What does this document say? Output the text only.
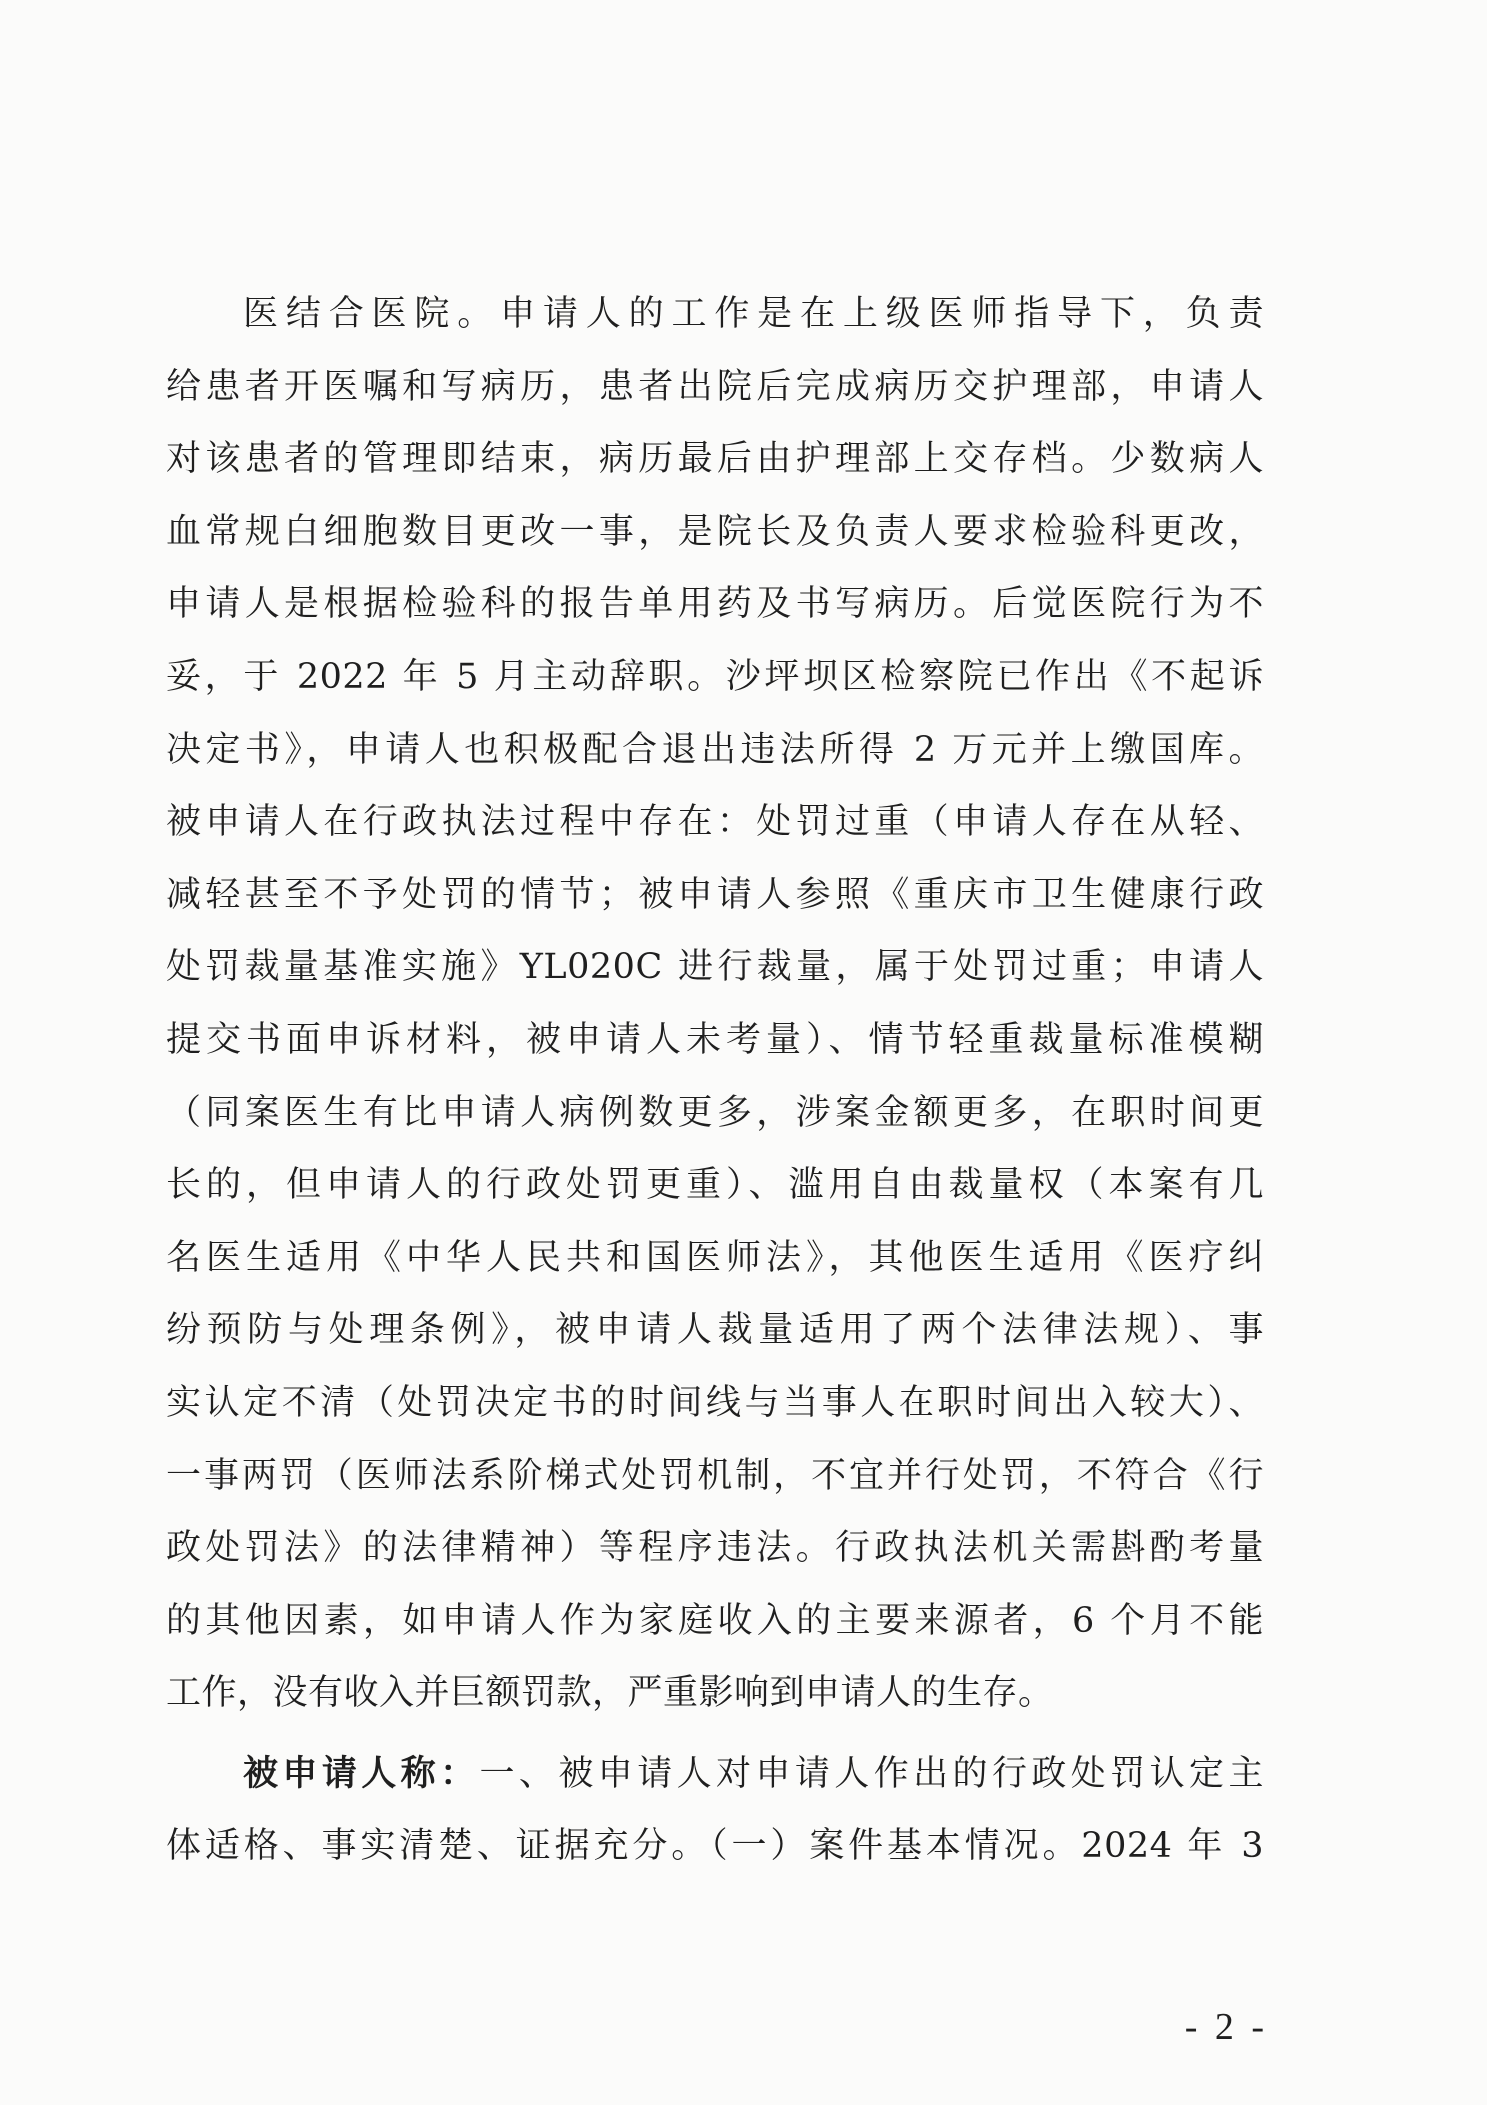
医结合医院。申请人的工作是在上级医师指导下，负责
给患者开医嘱和写病历，患者出院后完成病历交护理部，申请人
对该患者的管理即结束，病历最后由护理部上交存档。少数病人
血常规白细胞数目更改一事，是院长及负责人要求检验科更改，
申请人是根据检验科的报告单用药及书写病历。后觉医院行为不
妥，于 2022 年 5 月主动辞职。沙坪坝区检察院已作出《不起诉
决定书》，申请人也积极配合退出违法所得 2 万元并上缴国库。
被申请人在行政执法过程中存在：处罚过重（申请人存在从轻、
减轻甚至不予处罚的情节；被申请人参照《重庆市卫生健康行政
处罚裁量基准实施》YL020C 进行裁量，属于处罚过重；申请人
提交书面申诉材料，被申请人未考量）、情节轻重裁量标准模糊
（同案医生有比申请人病例数更多，涉案金额更多，在职时间更
长的，但申请人的行政处罚更重）、滥用自由裁量权（本案有几
名医生适用《中华人民共和国医师法》，其他医生适用《医疗纠
纷预防与处理条例》，被申请人裁量适用了两个法律法规）、事
实认定不清（处罚决定书的时间线与当事人在职时间出入较大）、
一事两罚（医师法系阶梯式处罚机制，不宜并行处罚，不符合《行
政处罚法》的法律精神）等程序违法。行政执法机关需斟酌考量
的其他因素，如申请人作为家庭收入的主要来源者，6 个月不能
工作，没有收入并巨额罚款，严重影响到申请人的生存。
被申请人称：一、被申请人对申请人作出的行政处罚认定主
体适格、事实清楚、证据充分。（一）案件基本情况。2024 年 3
- 2 -
